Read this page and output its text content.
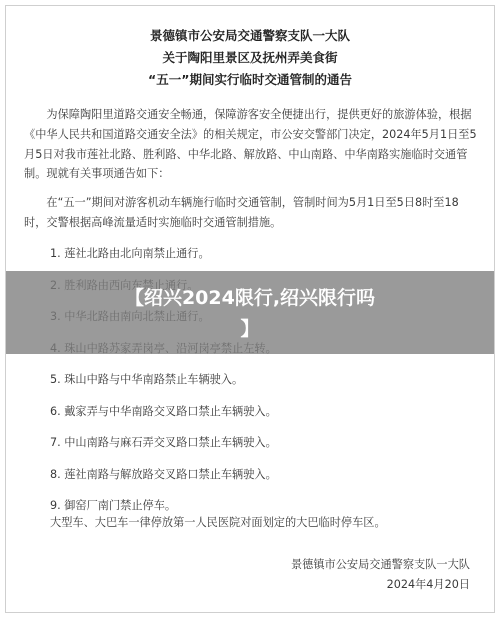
景德镇市公安局交通警察支队一大队
关于陶阳里景区及抚州弄美食街
“五一”期间实行临时交通管制的通告

为保障陶阳里道路交通安全畅通，保障游客安全便捷出行，提供更好的旅游体验，根据《中华人民共和国道路交通安全法》的相关规定，市公安交警部门决定，2024年5月1日至5月5日对我市莲社北路、胜利路、中华北路、解放路、中山南路、中华南路实施临时交通管制。现就有关事项通告如下：

在“五一”期间对游客机动车辆施行临时交通管制，管制时间为5月1日至5日8时至18时，交警根据高峰流量适时实施临时交通管制措施。

1. 莲社北路由北向南禁止通行。
5. 珠山中路与中华南路禁止车辆驶入。
6. 戴家弄与中华南路交叉路口禁止车辆驶入。
7. 中山南路与麻石弄交叉路口禁止车辆驶入。
8. 莲社南路与解放路交叉路口禁止车辆驶入。
9. 御窑厂南门禁止停车。

大型车、大巴车一律停放第一人民医院对面划定的大巴临时停车区。

景德镇市公安局交通警察支队一大队
2024年4月20日
【绍兴2024限行,绍兴限行吗
】
